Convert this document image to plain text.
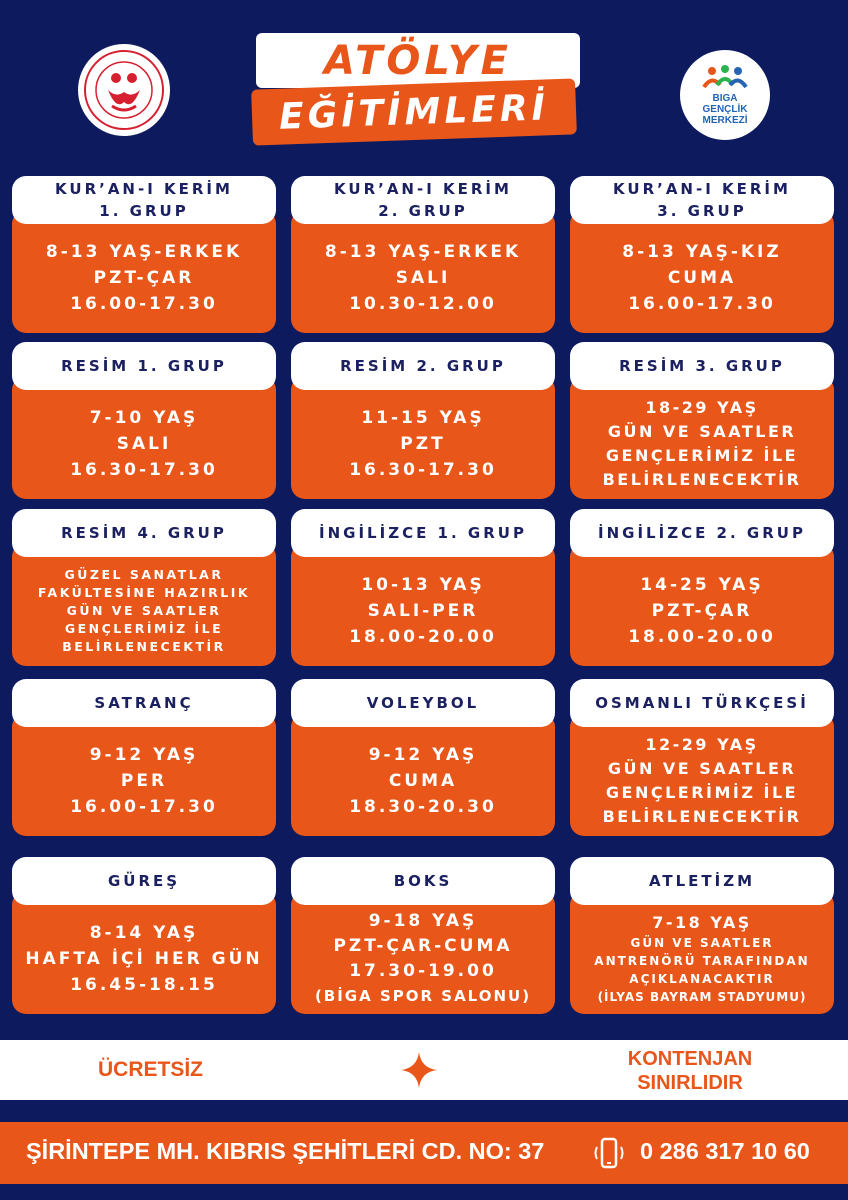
BIGA
GENÇLİK
MERKEZİ
ATÖLYE
EĞİTİMLERİ
KUR’AN-I KERİM
1. GRUP
8-13 YAŞ-ERKEK
PZT-ÇAR
16.00-17.30
KUR’AN-I KERİM
2. GRUP
8-13 YAŞ-ERKEK
SALI
10.30-12.00
KUR’AN-I KERİM
3. GRUP
8-13 YAŞ-KIZ
CUMA
16.00-17.30
RESİM 1. GRUP
7-10 YAŞ
SALI
16.30-17.30
RESİM 2. GRUP
11-15 YAŞ
PZT
16.30-17.30
RESİM 3. GRUP
18-29 YAŞ
GÜN VE SAATLER
GENÇLERİMİZ İLE
BELİRLENECEKTİR
RESİM 4. GRUP
GÜZEL SANATLAR
FAKÜLTESİNE HAZIRLIK
GÜN VE SAATLER
GENÇLERİMİZ İLE
BELİRLENECEKTİR
İNGİLİZCE 1. GRUP
10-13 YAŞ
SALI-PER
18.00-20.00
İNGİLİZCE 2. GRUP
14-25 YAŞ
PZT-ÇAR
18.00-20.00
SATRANÇ
9-12 YAŞ
PER
16.00-17.30
VOLEYBOL
9-12 YAŞ
CUMA
18.30-20.30
OSMANLI TÜRKÇESİ
12-29 YAŞ
GÜN VE SAATLER
GENÇLERİMİZ İLE
BELİRLENECEKTİR
GÜREŞ
8-14 YAŞ
HAFTA İÇİ HER GÜN
16.45-18.15
BOKS
9-18 YAŞ
PZT-ÇAR-CUMA
17.30-19.00
(BİGA SPOR SALONU)
ATLETİZM
7-18 YAŞ
GÜN VE SAATLER
ANTRENÖRÜ TARAFINDAN
AÇIKLANACAKTIR
(İLYAS BAYRAM STADYUMU)
ÜCRETSİZ	KONTENJAN
SINIRLIDIR
ŞİRİNTEPE MH. KIBRIS ŞEHİTLERİ CD. NO: 37	0 286 317 10 60
